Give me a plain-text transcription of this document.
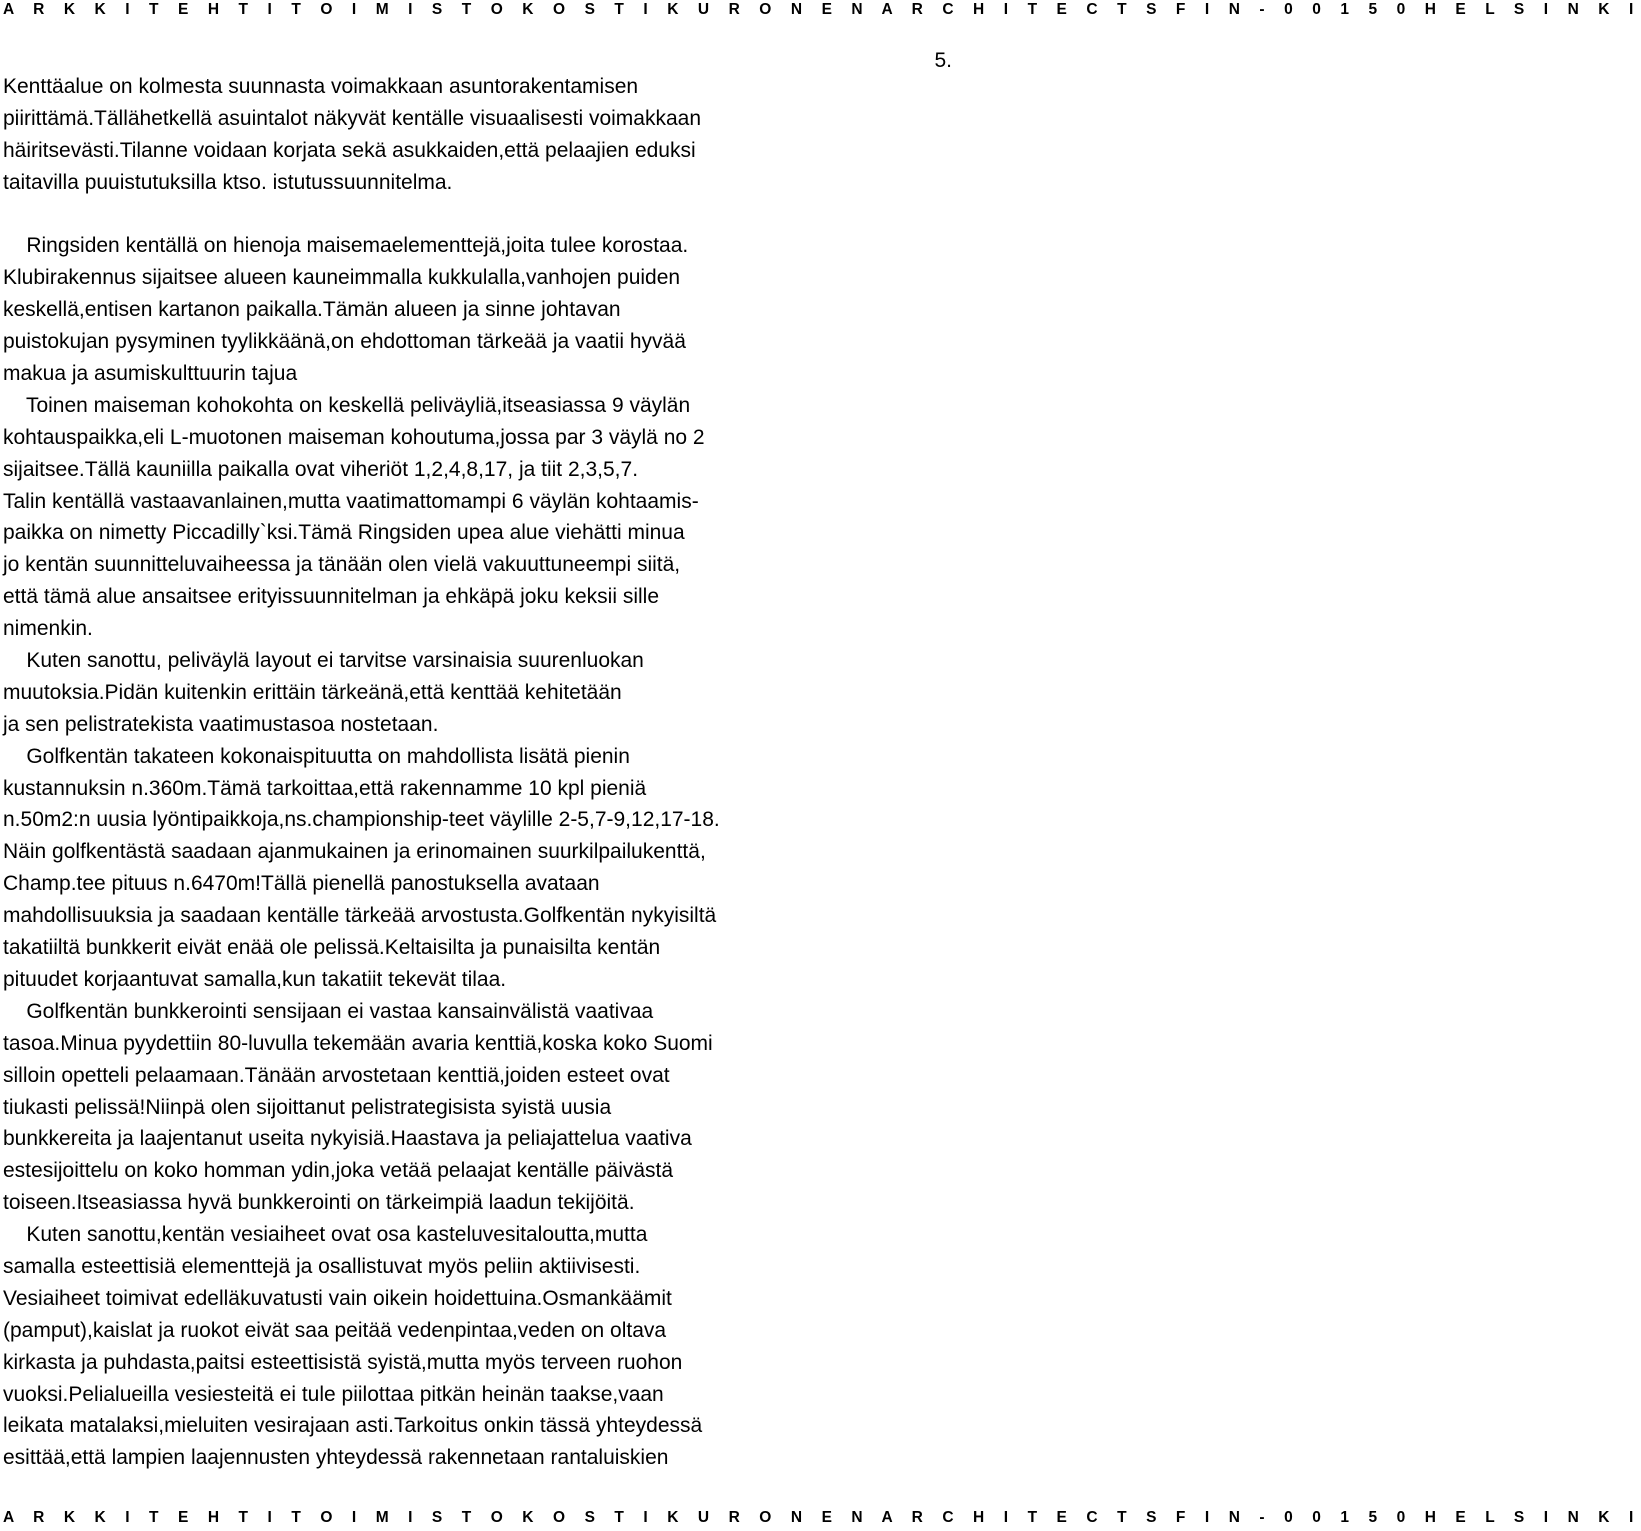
A R K K I T E H T I T O I M I S T O K O S T I K U R O N E N A R C H I T E C T S F I N - 0 0 1 5 0 H E L S I N K I
5.
Kenttäalue on kolmesta suunnasta voimakkaan asuntorakentamisen
piirittämä.Tällähetkellä asuintalot näkyvät kentälle visuaalisesti voimakkaan
häiritsevästi.Tilanne voidaan korjata sekä asukkaiden,että pelaajien eduksi
taitavilla puuistutuksilla ktso. istutussuunnitelma.
Ringsiden kentällä on hienoja maisemaelementtejä,joita tulee korostaa.
Klubirakennus sijaitsee alueen kauneimmalla kukkulalla,vanhojen puiden
keskellä,entisen kartanon paikalla.Tämän alueen ja sinne johtavan
puistokujan pysyminen tyylikkäänä,on ehdottoman tärkeää ja vaatii hyvää
makua ja asumiskulttuurin tajua
Toinen maiseman kohokohta on keskellä peliväyliä,itseasiassa 9 väylän
kohtauspaikka,eli L-muotonen maiseman kohoutuma,jossa par 3 väylä no 2
sijaitsee.Tällä kauniilla paikalla ovat viheriöt 1,2,4,8,17, ja tiit 2,3,5,7.
Talin kentällä vastaavanlainen,mutta vaatimattomampi 6 väylän kohtaamis-
paikka on nimetty Piccadilly`ksi.Tämä Ringsiden upea alue viehätti minua
jo kentän suunnitteluvaiheessa ja tänään olen vielä vakuuttuneempi siitä,
että tämä alue ansaitsee erityissuunnitelman ja ehkäpä joku keksii sille
nimenkin.
Kuten sanottu, peliväylä layout ei tarvitse varsinaisia suurenluokan
muutoksia.Pidän kuitenkin erittäin tärkeänä,että kenttää kehitetään
ja sen pelistratekista vaatimustasoa nostetaan.
Golfkentän takateen kokonaispituutta on mahdollista lisätä pienin
kustannuksin n.360m.Tämä tarkoittaa,että rakennamme 10 kpl pieniä
n.50m2:n uusia lyöntipaikkoja,ns.championship-teet väylille 2-5,7-9,12,17-18.
Näin golfkentästä saadaan ajanmukainen ja erinomainen suurkilpailukenttä,
Champ.tee pituus n.6470m!Tällä pienellä panostuksella avataan
mahdollisuuksia ja saadaan kentälle tärkeää arvostusta.Golfkentän nykyisiltä
takatiiltä bunkkerit eivät enää ole pelissä.Keltaisilta ja punaisilta kentän
pituudet korjaantuvat samalla,kun takatiit tekevät tilaa.
Golfkentän bunkkerointi sensijaan ei vastaa kansainvälistä vaativaa
tasoa.Minua pyydettiin 80-luvulla tekemään avaria kenttiä,koska koko Suomi
silloin opetteli pelaamaan.Tänään arvostetaan kenttiä,joiden esteet ovat
tiukasti pelissä!Niinpä olen sijoittanut pelistrategisista syistä uusia
bunkkereita ja laajentanut useita nykyisiä.Haastava ja peliajattelua vaativa
estesijoittelu on koko homman ydin,joka vetää pelaajat kentälle päivästä
toiseen.Itseasiassa hyvä bunkkerointi on tärkeimpiä laadun tekijöitä.
Kuten sanottu,kentän vesiaiheet ovat osa kasteluvesitaloutta,mutta
samalla esteettisiä elementtejä ja osallistuvat myös peliin aktiivisesti.
Vesiaiheet toimivat edelläkuvatusti vain oikein hoidettuina.Osmankäämit
(pamput),kaislat ja ruokot eivät saa peitää vedenpintaa,veden on oltava
kirkasta ja puhdasta,paitsi esteettisistä syistä,mutta myös terveen ruohon
vuoksi.Pelialueilla vesiesteitä ei tule piilottaa pitkän heinän taakse,vaan
leikata matalaksi,mieluiten vesirajaan asti.Tarkoitus onkin tässä yhteydessä
esittää,että lampien laajennusten yhteydessä rakennetaan rantaluiskien
A R K K I T E H T I T O I M I S T O K O S T I K U R O N E N A R C H I T E C T S F I N - 0 0 1 5 0 H E L S I N K I
